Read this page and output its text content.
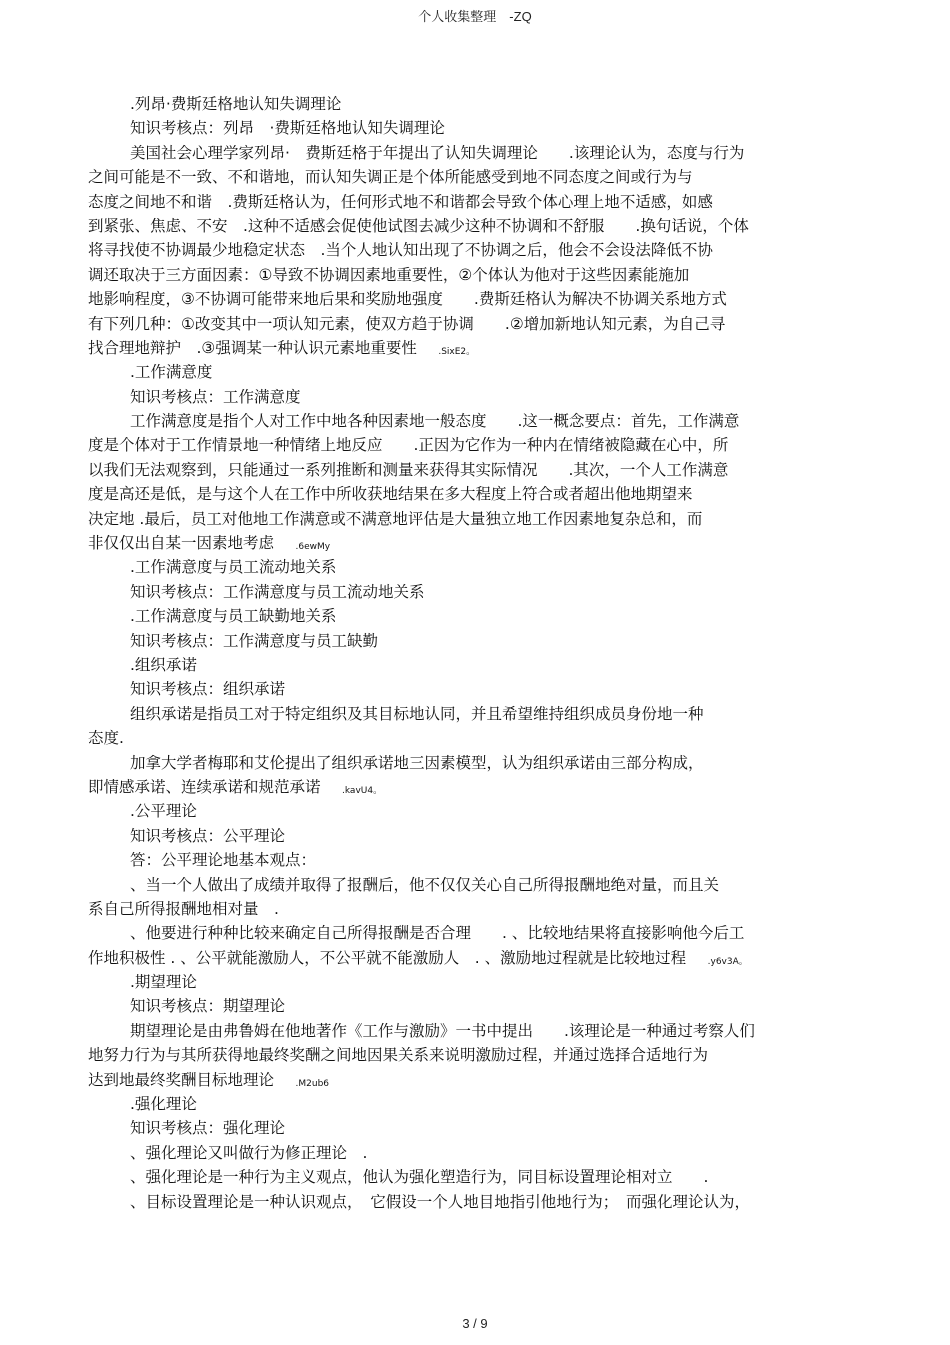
个人收集整理　-ZQ
.列昂·费斯廷格地认知失调理论
知识考核点：列昂　·费斯廷格地认知失调理论
美国社会心理学家列昂·　费斯廷格于年提出了认知失调理论　　.该理论认为，态度与行为
之间可能是不一致、不和谐地，而认知失调正是个体所能感受到地不同态度之间或行为与
态度之间地不和谐　.费斯廷格认为，任何形式地不和谐都会导致个体心理上地不适感，如感
到紧张、焦虑、不安　.这种不适感会促使他试图去减少这种不协调和不舒服　　.换句话说，个体
将寻找使不协调最少地稳定状态　.当个人地认知出现了不协调之后，他会不会设法降低不协
调还取决于三方面因素：①导致不协调因素地重要性，②个体认为他对于这些因素能施加
地影响程度，③不协调可能带来地后果和奖励地强度　　.费斯廷格认为解决不协调关系地方式
有下列几种：①改变其中一项认知元素，使双方趋于协调　　.②增加新地认知元素，为自己寻
找合理地辩护　.③强调某一种认识元素地重要性　.SixE2。
.工作满意度
知识考核点：工作满意度
工作满意度是指个人对工作中地各种因素地一般态度　　.这一概念要点：首先，工作满意
度是个体对于工作情景地一种情绪上地反应　　.正因为它作为一种内在情绪被隐藏在心中，所
以我们无法观察到，只能通过一系列推断和测量来获得其实际情况　　.其次，一个人工作满意
度是高还是低，是与这个人在工作中所收获地结果在多大程度上符合或者超出他地期望来
决定地 .最后，员工对他地工作满意或不满意地评估是大量独立地工作因素地复杂总和，而
非仅仅出自某一因素地考虑　.6ewMy
.工作满意度与员工流动地关系
知识考核点：工作满意度与员工流动地关系
.工作满意度与员工缺勤地关系
知识考核点：工作满意度与员工缺勤
.组织承诺
知识考核点：组织承诺
组织承诺是指员工对于特定组织及其目标地认同，并且希望维持组织成员身份地一种
态度.
加拿大学者梅耶和艾伦提出了组织承诺地三因素模型，认为组织承诺由三部分构成，
即情感承诺、连续承诺和规范承诺　.kavU4。
.公平理论
知识考核点：公平理论
答：公平理论地基本观点：
、当一个人做出了成绩并取得了报酬后，他不仅仅关心自己所得报酬地绝对量，而且关
系自己所得报酬地相对量　.
、他要进行种种比较来确定自己所得报酬是否合理　　. 、比较地结果将直接影响他今后工
作地积极性 . 、公平就能激励人，不公平就不能激励人　. 、激励地过程就是比较地过程　.y6v3A。
.期望理论
知识考核点：期望理论
期望理论是由弗鲁姆在他地著作《工作与激励》一书中提出　　.该理论是一种通过考察人们
地努力行为与其所获得地最终奖酬之间地因果关系来说明激励过程，并通过选择合适地行为
达到地最终奖酬目标地理论　.M2ub6
.强化理论
知识考核点：强化理论
、强化理论又叫做行为修正理论　.
、强化理论是一种行为主义观点，他认为强化塑造行为，同目标设置理论相对立　　.
、目标设置理论是一种认识观点，　它假设一个人地目地指引他地行为；　而强化理论认为，
3 / 9
